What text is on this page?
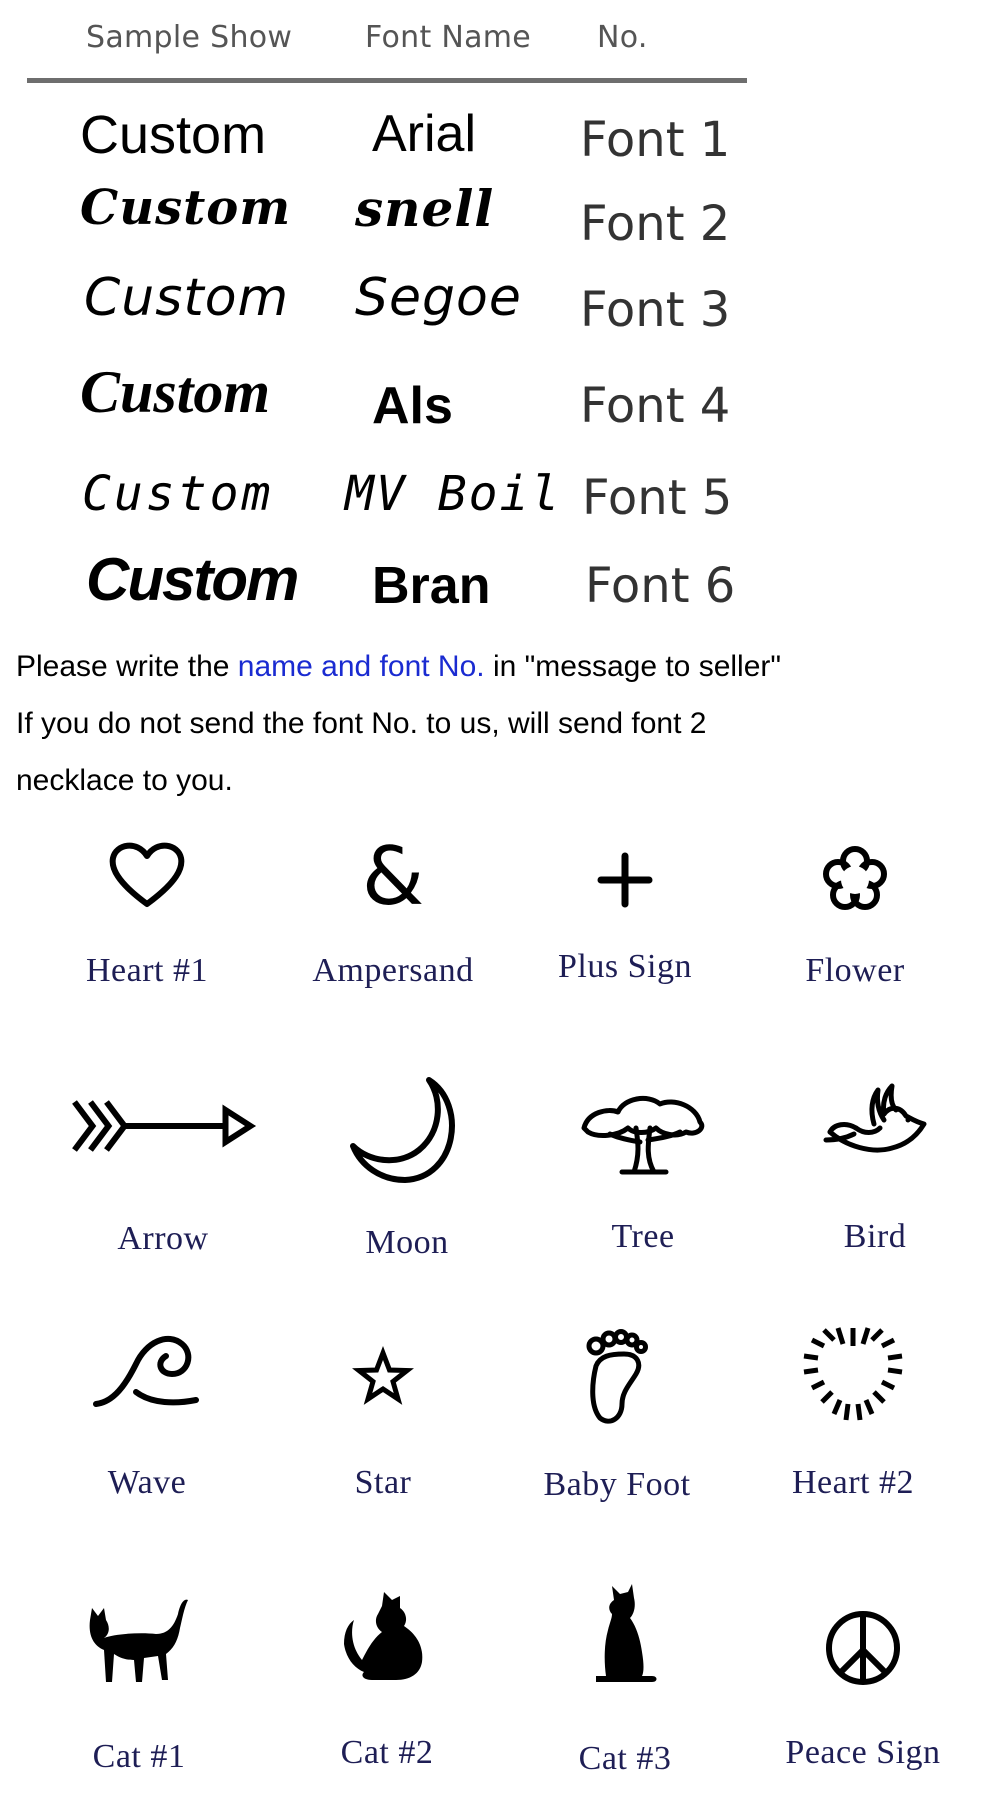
Sample Show Font Name No.
Custom Arial Font 1
Custom snell Font 2
Custom Segoe Font 3
Custom Als	Font 4
Custom MV Boil Font 5
Custom Bran Font 6
Please write the name and font No. in "message to seller" If you do not send the font No. to us, will send font 2 necklace to you.
Heart #1
&
Ampersand	Plus Sign	Flower
Arrow	Moon	Tree	Bird
Wave	Star	Baby Foot	Heart #2
Cat #1	Cat #2	Cat #3	Peace Sign
